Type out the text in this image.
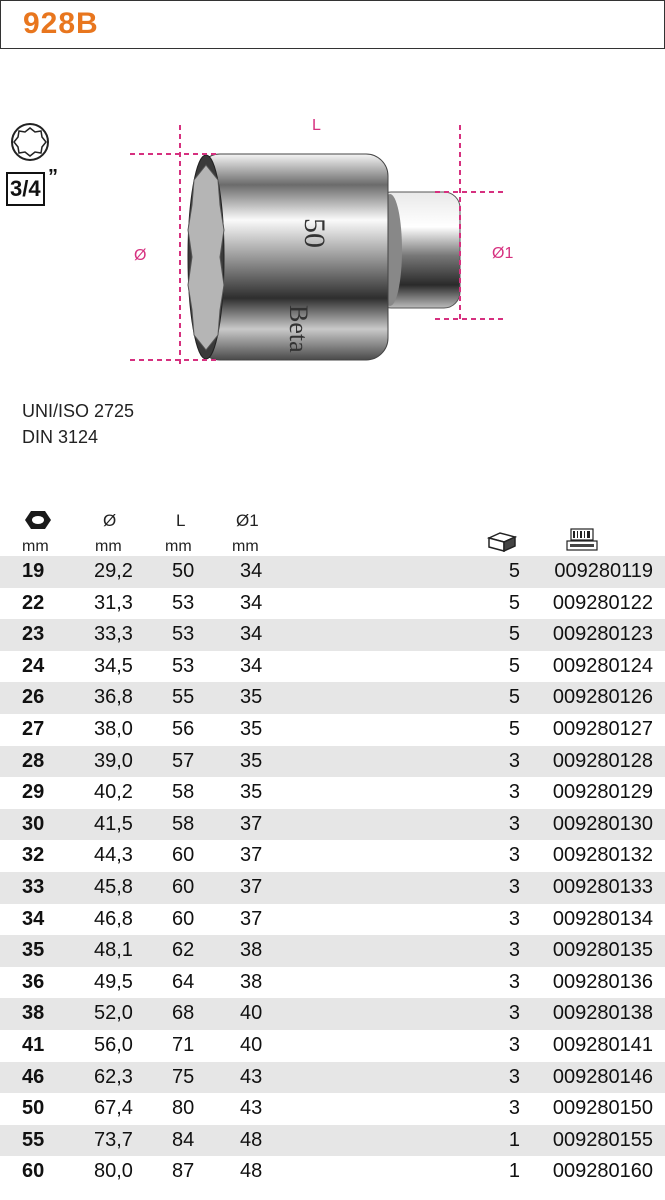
928B
3/4 ”
50
Beta
L
Ø	Ø1
UNI/ISO 2725
DIN 3124
Ø	L	Ø1
mm	mm	mm	mm
19 29,2 50 34	5 009280119
22 31,3 53 34	5 009280122
23 33,3 53 34	5 009280123
24 34,5 53 34	5 009280124
26 36,8 55 35	5 009280126
27 38,0 56 35	5 009280127
28 39,0 57 35	3 009280128
29 40,2 58 35	3 009280129
30 41,5 58 37	3 009280130
32 44,3 60 37	3 009280132
33 45,8 60 37	3 009280133
34 46,8 60 37	3 009280134
35 48,1 62 38	3 009280135
36 49,5 64 38	3 009280136
38 52,0 68 40	3 009280138
41 56,0 71 40	3 009280141
46 62,3 75 43	3 009280146
50 67,4 80 43	3 009280150
55 73,7 84 48	1 009280155
60 80,0 87 48	1 009280160
